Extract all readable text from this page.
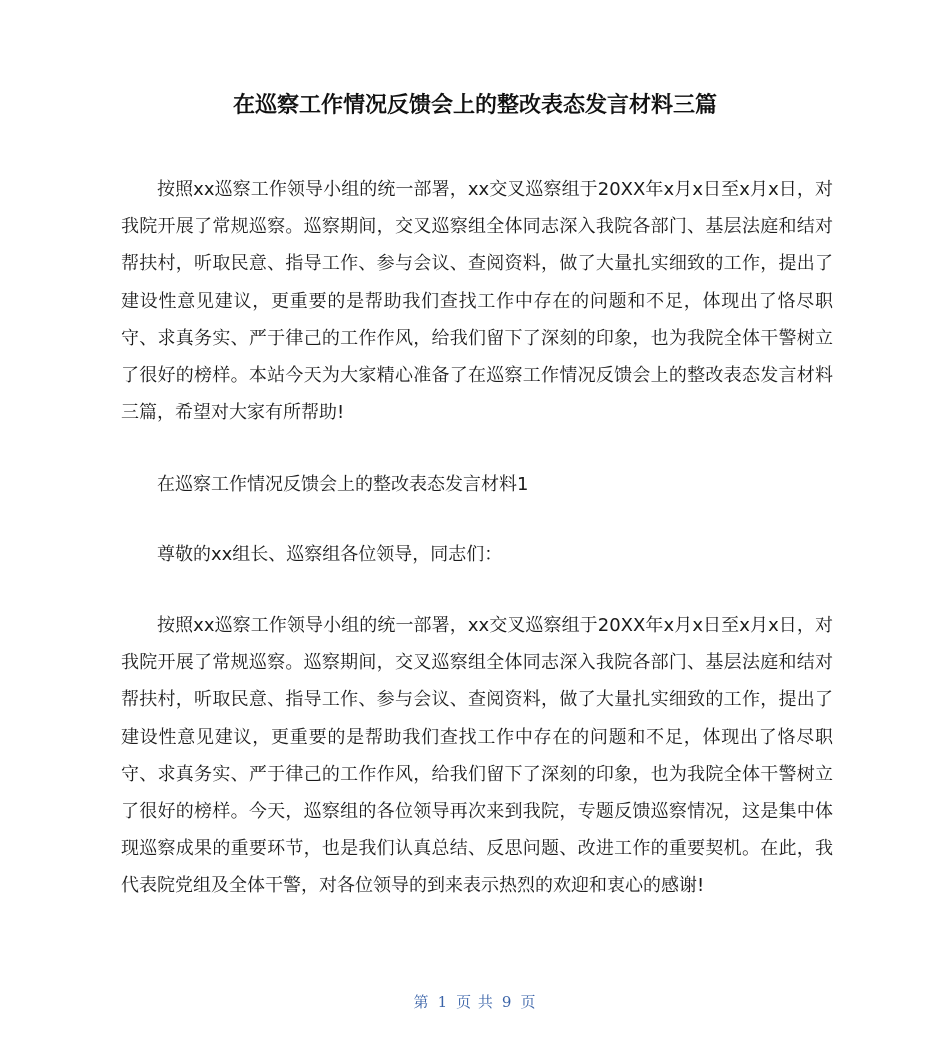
在巡察工作情况反馈会上的整改表态发言材料三篇

按照xx巡察工作领导小组的统一部署，xx交叉巡察组于20XX年x月x日至x月x日，对我院开展了常规巡察。巡察期间，交叉巡察组全体同志深入我院各部门、基层法庭和结对帮扶村，听取民意、指导工作、参与会议、查阅资料，做了大量扎实细致的工作，提出了建设性意见建议，更重要的是帮助我们查找工作中存在的问题和不足，体现出了恪尽职守、求真务实、严于律己的工作作风，给我们留下了深刻的印象，也为我院全体干警树立了很好的榜样。本站今天为大家精心准备了在巡察工作情况反馈会上的整改表态发言材料三篇，希望对大家有所帮助!

在巡察工作情况反馈会上的整改表态发言材料1

尊敬的xx组长、巡察组各位领导，同志们：

按照xx巡察工作领导小组的统一部署，xx交叉巡察组于20XX年x月x日至x月x日，对我院开展了常规巡察。巡察期间，交叉巡察组全体同志深入我院各部门、基层法庭和结对帮扶村，听取民意、指导工作、参与会议、查阅资料，做了大量扎实细致的工作，提出了建设性意见建议，更重要的是帮助我们查找工作中存在的问题和不足，体现出了恪尽职守、求真务实、严于律己的工作作风，给我们留下了深刻的印象，也为我院全体干警树立了很好的榜样。今天，巡察组的各位领导再次来到我院，专题反馈巡察情况，这是集中体现巡察成果的重要环节，也是我们认真总结、反思问题、改进工作的重要契机。在此，我代表院党组及全体干警，对各位领导的到来表示热烈的欢迎和衷心的感谢!

第 1 页 共 9 页
